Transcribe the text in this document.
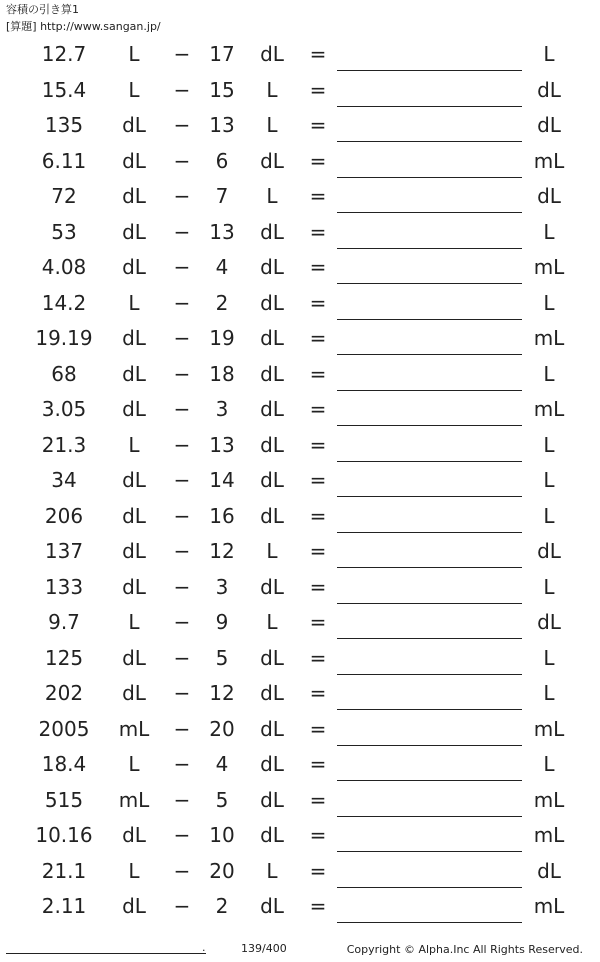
容積の引き算1
[算題] http://www.sangan.jp/
12.7	L	− 17	dL	=	L
15.4	L	− 15	L	=	dL
135	dL	− 13	L	=	dL
6.11	dL	−	6	dL	=	mL
72	dL	−	7	L	=	dL
53	dL	− 13	dL	=	L
4.08	dL	−	4	dL	=	mL
14.2	L	−	2	dL	=	L
19.19	dL	− 19	dL	=	mL
68	dL	− 18	dL	=	L
3.05	dL	−	3	dL	=	mL
21.3	L	− 13	dL	=	L
34	dL	− 14	dL	=	L
206	dL	− 16	dL	=	L
137	dL	− 12	L	=	dL
133	dL	−	3	dL	=	L
9.7	L	−	9	L	=	dL
125	dL	−	5	dL	=	L
202	dL	− 12	dL	=	L
2005	mL	− 20	dL	=	mL
18.4	L	−	4	dL	=	L
515	mL	−	5	dL	=	mL
10.16	dL	− 10	dL	=	mL
21.1	L	− 20	L	=	dL
2.11	dL	−	2	dL	=	mL
.	139/400	Copyright © Alpha.Inc All Rights Reserved.
